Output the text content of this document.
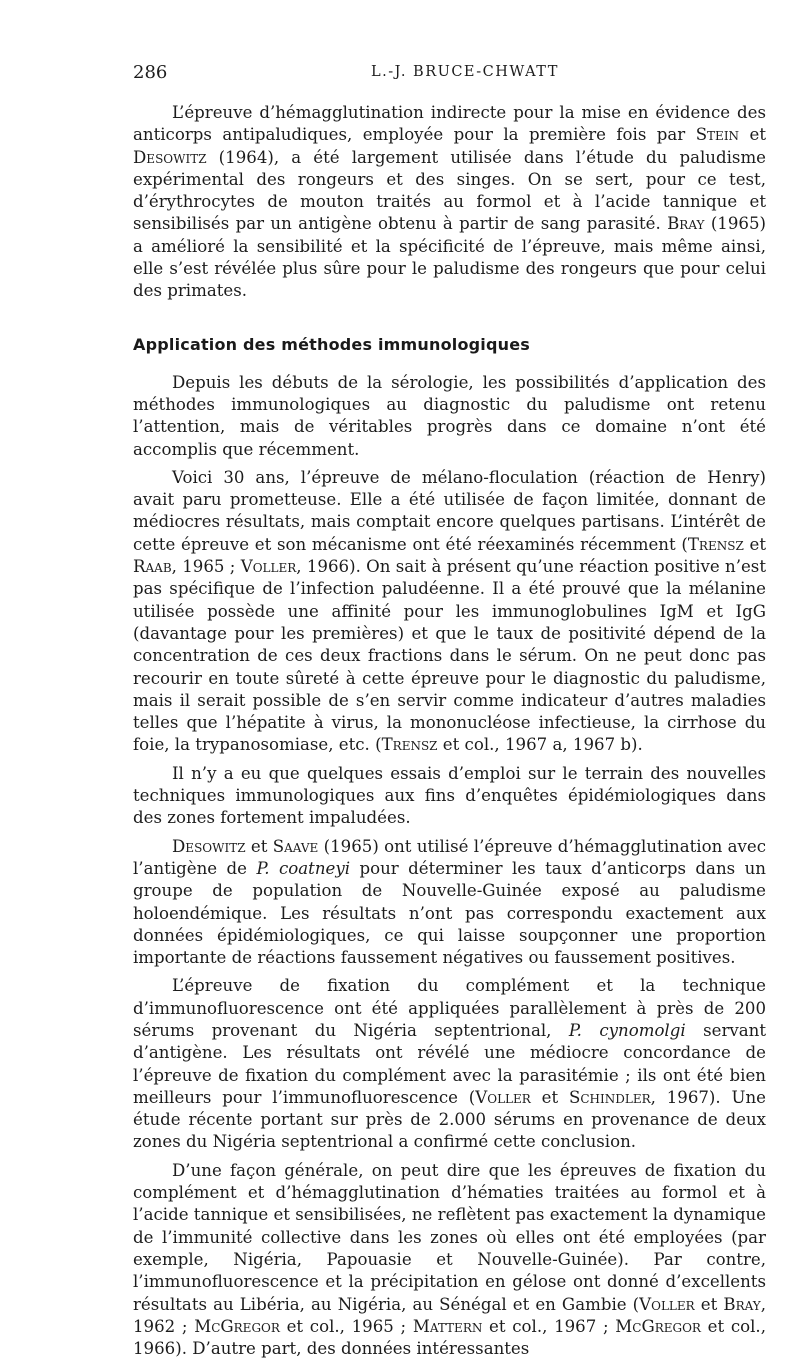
286	L.-J. BRUCE-CHWATT

L’épreuve d’hémagglutination indirecte pour la mise en évidence des anticorps antipaludiques, employée pour la première fois par Stein et Desowitz (1964), a été largement utilisée dans l’étude du paludisme expérimental des rongeurs et des singes. On se sert, pour ce test, d’érythrocytes de mouton traités au formol et à l’acide tannique et sensibilisés par un antigène obtenu à partir de sang parasité. Bray (1965) a amélioré la sensibilité et la spécificité de l’épreuve, mais même ainsi, elle s’est révélée plus sûre pour le paludisme des rongeurs que pour celui des primates.

Application des méthodes immunologiques

Depuis les débuts de la sérologie, les possibilités d’application des méthodes immunologiques au diagnostic du paludisme ont retenu l’attention, mais de véritables progrès dans ce domaine n’ont été accomplis que récemment.

Voici 30 ans, l’épreuve de mélano-floculation (réaction de Henry) avait paru prometteuse. Elle a été utilisée de façon limitée, donnant de médiocres résultats, mais comptait encore quelques partisans. L’intérêt de cette épreuve et son mécanisme ont été réexaminés récemment (Trensz et Raab, 1965 ; Voller, 1966). On sait à présent qu’une réaction positive n’est pas spécifique de l’infection paludéenne. Il a été prouvé que la mélanine utilisée possède une affinité pour les immunoglobulines IgM et IgG (davantage pour les premières) et que le taux de positivité dépend de la concentration de ces deux fractions dans le sérum. On ne peut donc pas recourir en toute sûreté à cette épreuve pour le diagnostic du paludisme, mais il serait possible de s’en servir comme indicateur d’autres maladies telles que l’hépatite à virus, la mononucléose infectieuse, la cirrhose du foie, la trypanosomiase, etc. (Trensz et col., 1967 a, 1967 b).

Il n’y a eu que quelques essais d’emploi sur le terrain des nouvelles techniques immunologiques aux fins d’enquêtes épidémiologiques dans des zones fortement impaludées.

Desowitz et Saave (1965) ont utilisé l’épreuve d’hémagglutination avec l’antigène de P. coatneyi pour déterminer les taux d’anticorps dans un groupe de population de Nouvelle-Guinée exposé au paludisme holoendémique. Les résultats n’ont pas correspondu exactement aux données épidémiologiques, ce qui laisse soupçonner une proportion importante de réactions faussement négatives ou faussement positives.

L’épreuve de fixation du complément et la technique d’immunofluorescence ont été appliquées parallèlement à près de 200 sérums provenant du Nigéria septentrional, P. cynomolgi servant d’antigène. Les résultats ont révélé une médiocre concordance de l’épreuve de fixation du complément avec la parasitémie ; ils ont été bien meilleurs pour l’immunofluorescence (Voller et Schindler, 1967). Une étude récente portant sur près de 2.000 sérums en provenance de deux zones du Nigéria septentrional a confirmé cette conclusion.

D’une façon générale, on peut dire que les épreuves de fixation du complément et d’hémagglutination d’hématies traitées au formol et à l’acide tannique et sensibilisées, ne reflètent pas exactement la dynamique de l’immunité collective dans les zones où elles ont été employées (par exemple, Nigéria, Papouasie et Nouvelle-Guinée). Par contre, l’immunofluorescence et la précipitation en gélose ont donné d’excellents résultats au Libéria, au Nigéria, au Sénégal et en Gambie (Voller et Bray, 1962 ; McGregor et col., 1965 ; Mattern et col., 1967 ; McGregor et col., 1966). D’autre part, des données intéressantes
